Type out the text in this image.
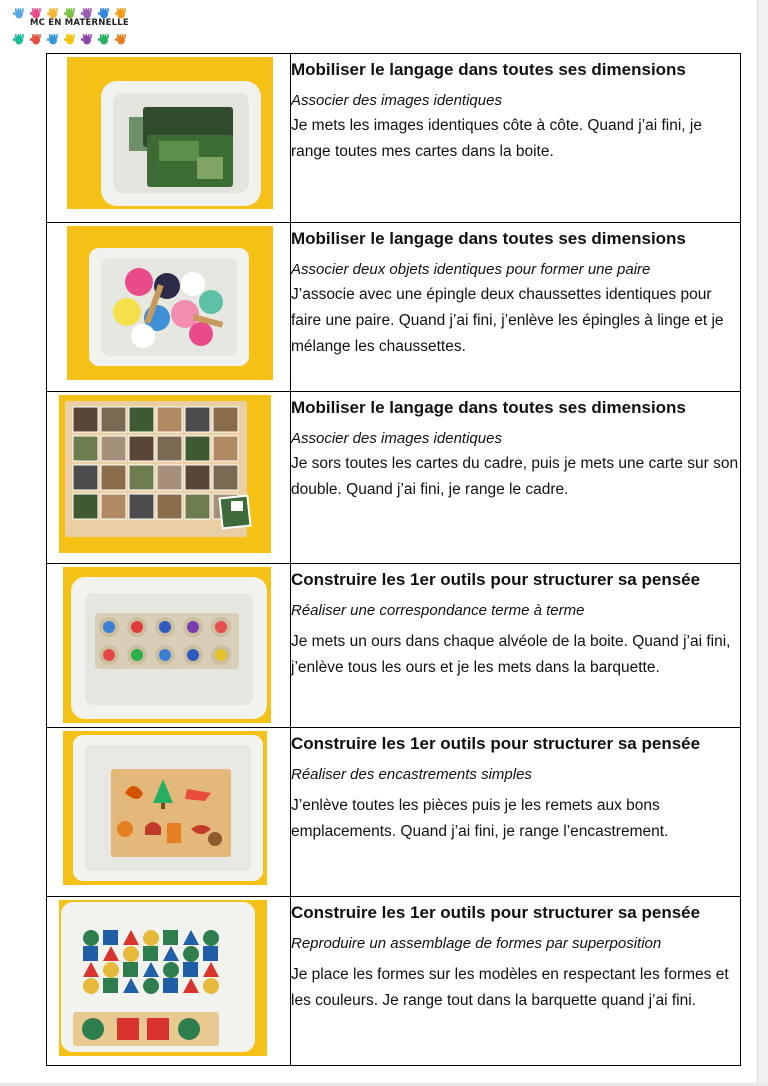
MC EN MATERNELLE

Mobiliser le langage dans toutes ses dimensions
Associer des images identiques
Je mets les images identiques côte à côte. Quand j’ai fini, je range toutes mes cartes dans la boite.

Mobiliser le langage dans toutes ses dimensions
Associer deux objets identiques pour former une paire
J’associe avec une épingle deux chaussettes identiques pour faire une paire. Quand j’ai fini, j’enlève les épingles à linge et je mélange les chaussettes.

Mobiliser le langage dans toutes ses dimensions
Associer des images identiques
Je sors toutes les cartes du cadre, puis je mets une carte sur son double. Quand j’ai fini, je range le cadre.

Construire les 1er outils pour structurer sa pensée
Réaliser une correspondance terme à terme
Je mets un ours dans chaque alvéole de la boite. Quand j’ai fini, j’enlève tous les ours et je les mets dans la barquette.

Construire les 1er outils pour structurer sa pensée
Réaliser des encastrements simples
J’enlève toutes les pièces puis je les remets aux bons emplacements. Quand j’ai fini, je range l’encastrement.

Construire les 1er outils pour structurer sa pensée
Reproduire un assemblage de formes par superposition
Je place les formes sur les modèles en respectant les formes et les couleurs. Je range tout dans la barquette quand j’ai fini.
